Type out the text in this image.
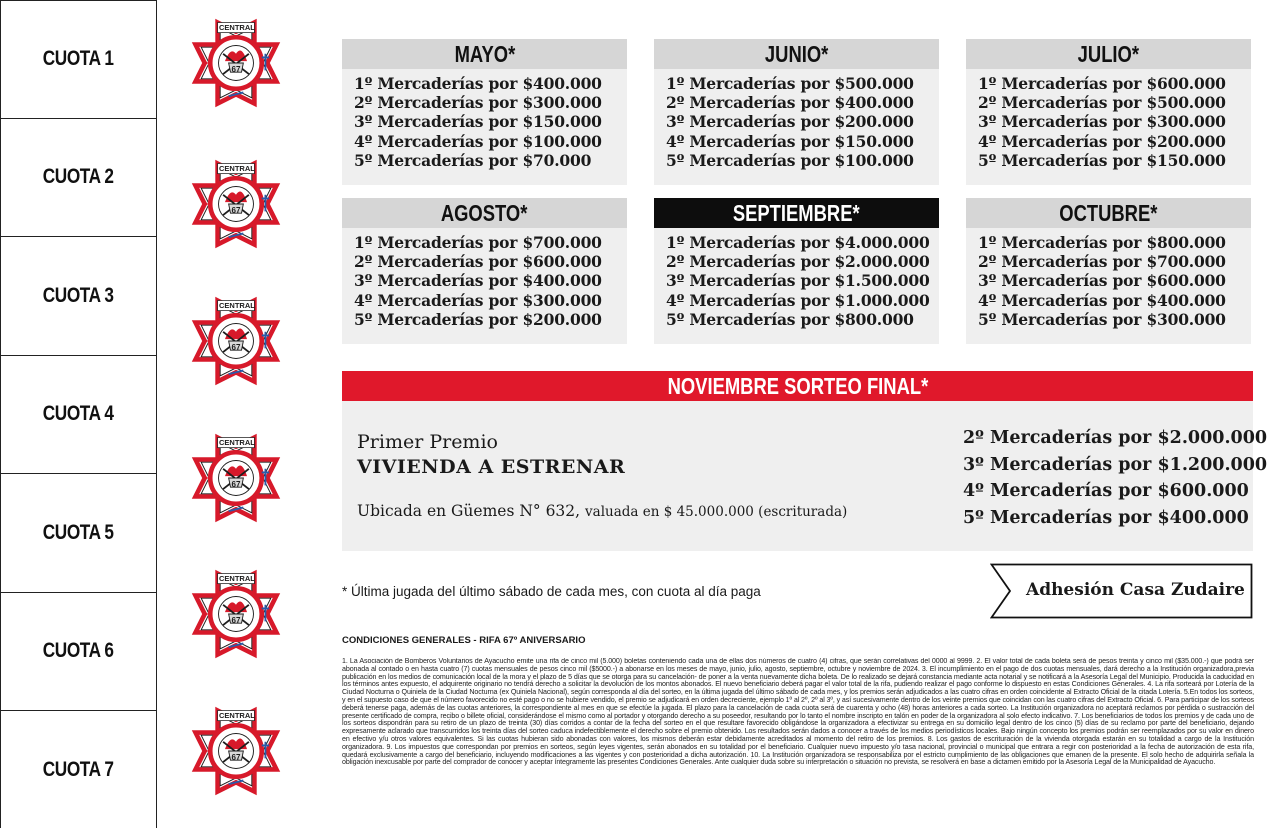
CUOTA 1
CUOTA 2
CUOTA 3
CUOTA 4
CUOTA 5
CUOTA 6
CUOTA 7
CENTRAL
67
CENTRAL
67
CENTRAL
67
CENTRAL
67
CENTRAL
67
CENTRAL
67
MAYO*
1º Mercaderías por $400.000
2º Mercaderías por $300.000
3º Mercaderías por $150.000
4º Mercaderías por $100.000
5º Mercaderías por $70.000
JUNIO*
1º Mercaderías por $500.000
2º Mercaderías por $400.000
3º Mercaderías por $200.000
4º Mercaderías por $150.000
5º Mercaderías por $100.000
JULIO*
1º Mercaderías por $600.000
2º Mercaderías por $500.000
3º Mercaderías por $300.000
4º Mercaderías por $200.000
5º Mercaderías por $150.000
AGOSTO*
1º Mercaderías por $700.000
2º Mercaderías por $600.000
3º Mercaderías por $400.000
4º Mercaderías por $300.000
5º Mercaderías por $200.000
SEPTIEMBRE*
1º Mercaderías por $4.000.000
2º Mercaderías por $2.000.000
3º Mercaderías por $1.500.000
4º Mercaderías por $1.000.000
5º Mercaderías por $800.000
OCTUBRE*
1º Mercaderías por $800.000
2º Mercaderías por $700.000
3º Mercaderías por $600.000
4º Mercaderías por $400.000
5º Mercaderías por $300.000
NOVIEMBRE SORTEO FINAL*
Primer Premio
VIVIENDA A ESTRENAR
Ubicada en Güemes N° 632, valuada en $ 45.000.000 (escriturada)
2º Mercaderías por $2.000.000
3º Mercaderías por $1.200.000
4º Mercaderías por $600.000
5º Mercaderías por $400.000
* Última jugada del último sábado de cada mes, con cuota al día paga	Adhesión Casa Zudaire
CONDICIONES GENERALES - RIFA 67º ANIVERSARIO
1. La Asociación de Bomberos Voluntarios de Ayacucho emite una rifa de cinco mil (5.000) boletas conteniendo cada una de ellas dos números de cuatro (4) cifras, que serán correlativas del 0000 al 9999. 2. El valor total de cada boleta será de pesos treinta y cinco mil ($35.000.-) que podrá ser abonada al contado o en hasta cuatro (7) cuotas mensuales de pesos cinco mil ($5000.-) a abonarse en los meses de mayo, junio, julio, agosto, septiembre, octubre y noviembre de 2024. 3. El incumplimiento en el pago de dos cuotas mensuales, dará derecho a la Institución organizadora,previa publicación en los medios de comunicación local de la mora y el plazo de 5 días que se otorga para su cancelación- de poner a la venta nuevamente dicha boleta. De lo realizado se dejará constancia mediante acta notarial y se notificará a la Asesoría Legal del Municipio. Producida la caducidad en los términos antes expuesto, el adquirente originario no tendrá derecho a solicitar la devolución de los montos abonados. El nuevo beneficiario deberá pagar el valor total de la rifa, pudiendo realizar el pago conforme lo dispuesto en estas Condiciones Generales. 4. La rifa sorteará por Lotería de la Ciudad Nocturna o Quiniela de la Ciudad Nocturna (ex Quiniela Nacional), según corresponda al día del sorteo, en la última jugada del último sábado de cada mes, y los premios serán adjudicados a las cuatro cifras en orden coincidente al Extracto Oficial de la citada Lotería. 5.En todos los sorteos, y en el supuesto caso de que el número favorecido no esté pago o no se hubiere vendido, el premio se adjudicará en orden decreciente, ejemplo 1º al 2º, 2º al 3º, y así sucesivamente dentro de los veinte premios que coincidan con las cuatro cifras del Extracto Oficial. 6. Para participar de los sorteos deberá tenerse paga, además de las cuotas anteriores, la correspondiente al mes en que se efectúe la jugada. El plazo para la cancelación de cada cuota será de cuarenta y ocho (48) horas anteriores a cada sorteo. La Institución organizadora no aceptará reclamos por pérdida o sustracción del presente certificado de compra, recibo o billete oficial, considerándose el mismo como al portador y otorgando derecho a su poseedor, resultando por lo tanto el nombre inscripto en talón en poder de la organizadora al solo efecto indicativo. 7. Los beneficiarios de todos los premios y de cada uno de los sorteos dispondrán para su retiro de un plazo de treinta (30) días corridos a contar de la fecha del sorteo en el que resultare favorecido obligándose la organizadora a efectivizar su entrega en su domicilio legal dentro de los cinco (5) días de su reclamo por parte del beneficiario, dejando expresamente aclarado que transcurridos los treinta días del sorteo caduca indefectiblemente el derecho sobre el premio obtenido. Los resultados serán dados a conocer a través de los medios periodísticos locales. Bajo ningún concepto los premios podrán ser reemplazados por su valor en dinero en efectivo y/u otros valores equivalentes. Si las cuotas hubieran sido abonadas con valores, los mismos deberán estar debidamente acreditados al momento del retiro de los premios. 8. Los gastos de escrituración de la vivienda otorgada estarán en su totalidad a cargo de la Institución organizadora. 9. Los impuestos que correspondan por premios en sorteos, según leyes vigentes, serán abonados en su totalidad por el beneficiario. Cualquier nuevo impuesto y/o tasa nacional, provincial o municipal que entrara a regir con posterioridad a la fecha de autorización de esta rifa, quedará exclusivamente a cargo del beneficiario, incluyendo modificaciones a las vigentes y con posterioridad a dicha autorización. 10. La Institución organizadora se responsabiliza por el estricto cumplimiento de las obligaciones que emanen de la presente. El solo hecho de adquirirla señala la obligación inexcusable por parte del comprador de conocer y aceptar íntegramente las presentes Condiciones Generales. Ante cualquier duda sobre su interpretación o situación no prevista, se resolverá en base a dictamen emitido por la Asesoría Legal de la Municipalidad de Ayacucho.
